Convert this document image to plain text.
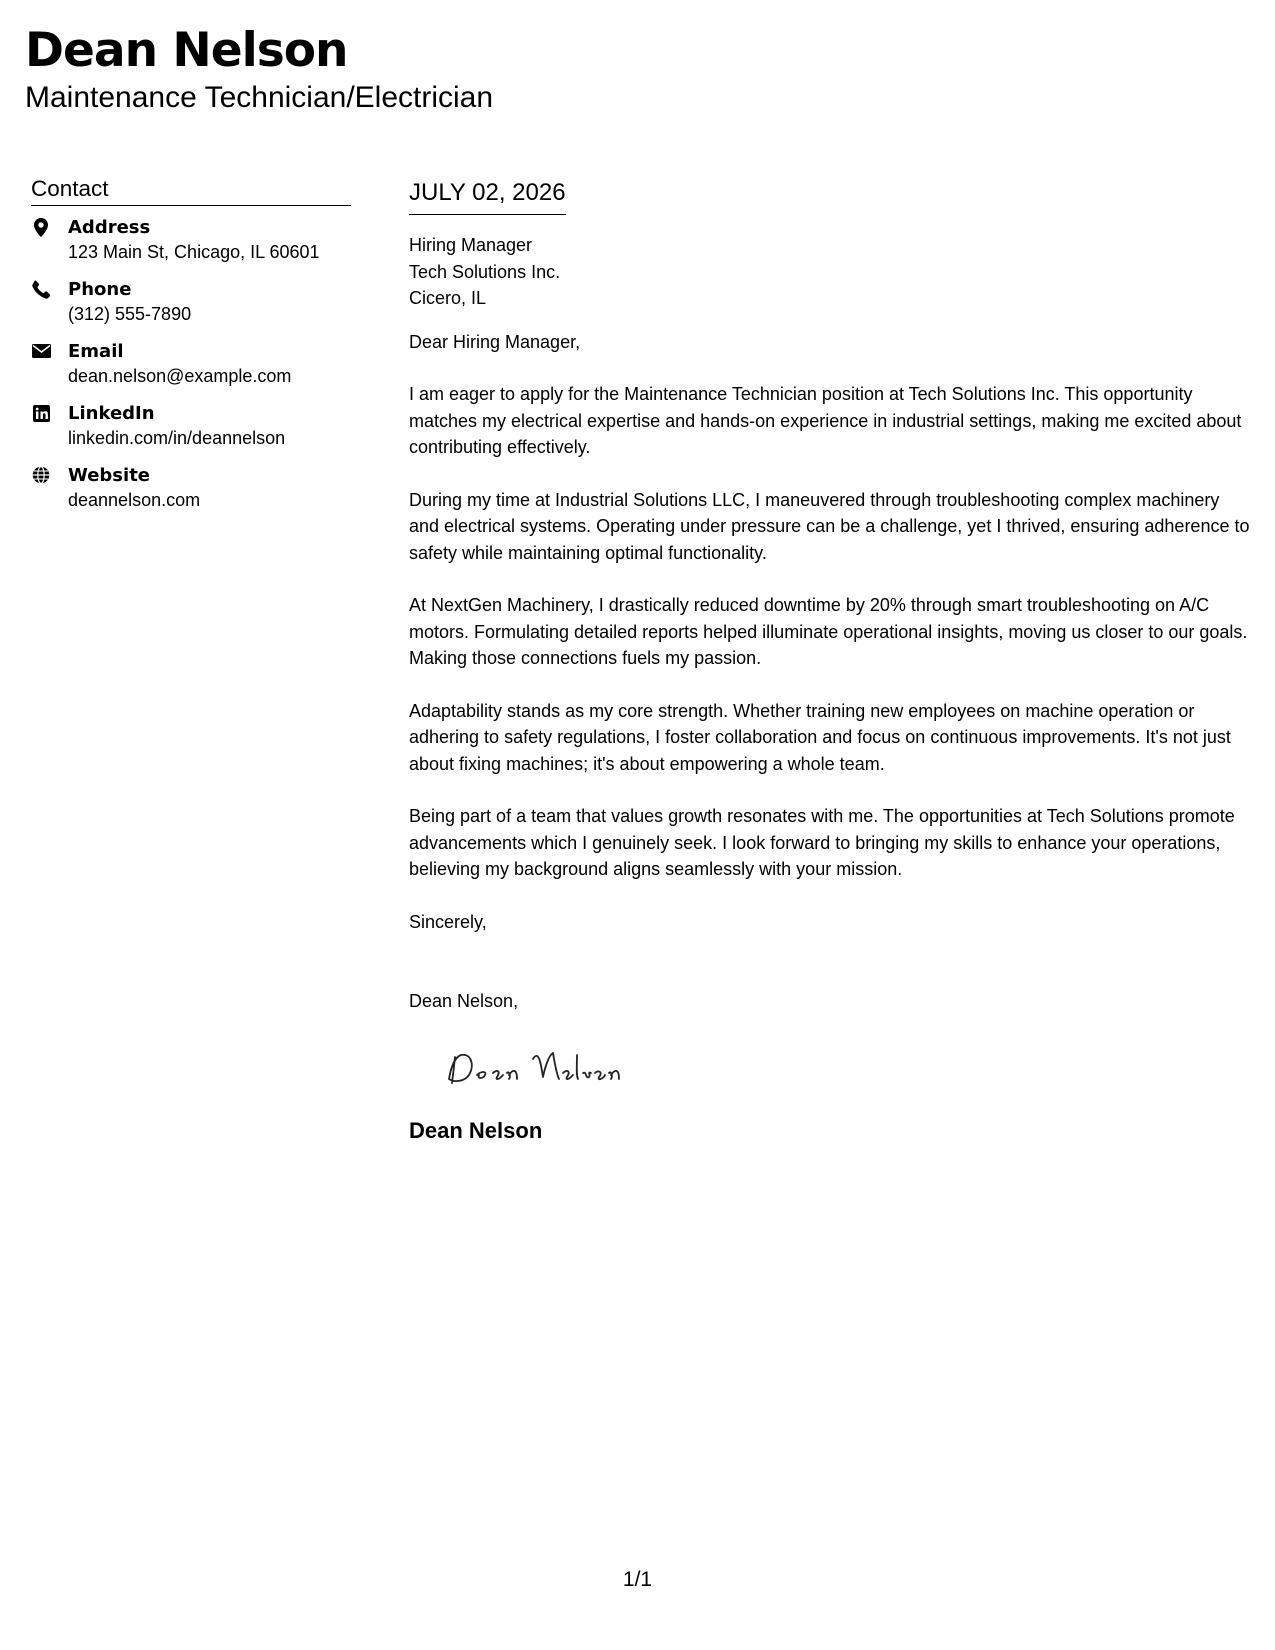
Dean Nelson
Maintenance Technician/Electrician
Contact
Address
123 Main St, Chicago, IL 60601
Phone
(312) 555-7890
Email
dean.nelson@example.com
LinkedIn
linkedin.com/in/deannelson
Website
deannelson.com
JULY 02, 2026

Hiring Manager

Tech Solutions Inc.

Cicero, IL

Dear Hiring Manager,

I am eager to apply for the Maintenance Technician position at Tech Solutions Inc. This opportunity matches my electrical expertise and hands-on experience in industrial settings, making me excited about contributing effectively.

During my time at Industrial Solutions LLC, I maneuvered through troubleshooting complex machinery and electrical systems. Operating under pressure can be a challenge, yet I thrived, ensuring adherence to safety while maintaining optimal functionality.

At NextGen Machinery, I drastically reduced downtime by 20% through smart troubleshooting on A/C motors. Formulating detailed reports helped illuminate operational insights, moving us closer to our goals. Making those connections fuels my passion.

Adaptability stands as my core strength. Whether training new employees on machine operation or adhering to safety regulations, I foster collaboration and focus on continuous improvements. It's not just about fixing machines; it's about empowering a whole team.

Being part of a team that values growth resonates with me. The opportunities at Tech Solutions promote advancements which I genuinely seek. I look forward to bringing my skills to enhance your operations, believing my background aligns seamlessly with your mission.

Sincerely,

Dean Nelson,

Dean Nelson
1/1
